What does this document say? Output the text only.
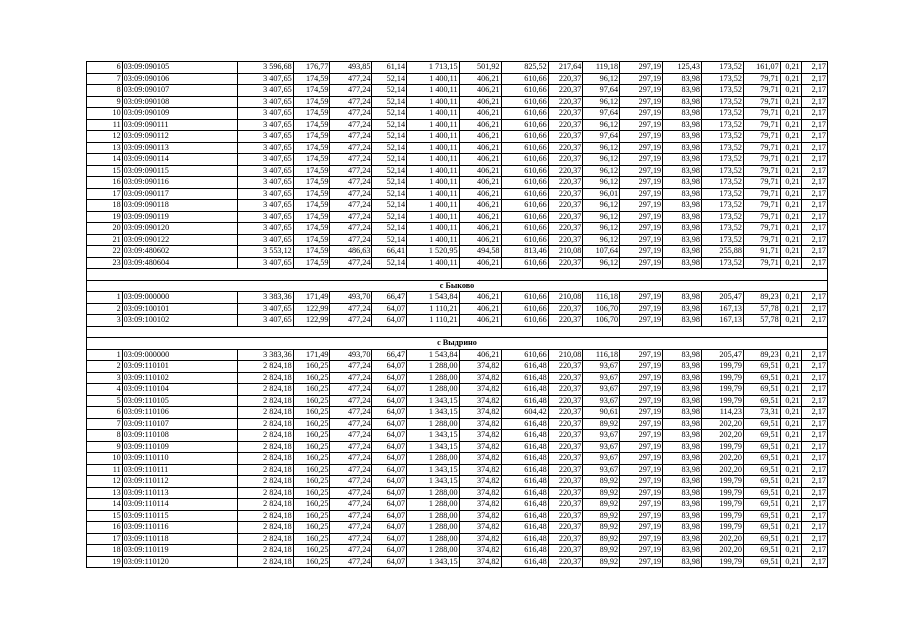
6	03:09:090105	3 596,68	176,77	493,85	61,14	1 713,15	501,92	825,52	217,64	119,18	297,19	125,43	173,52	161,07	0,21	2,17
7	03:09:090106	3 407,65	174,59	477,24	52,14	1 400,11	406,21	610,66	220,37	96,12	297,19	83,98	173,52	79,71	0,21	2,17
8	03:09:090107	3 407,65	174,59	477,24	52,14	1 400,11	406,21	610,66	220,37	97,64	297,19	83,98	173,52	79,71	0,21	2,17
9	03:09:090108	3 407,65	174,59	477,24	52,14	1 400,11	406,21	610,66	220,37	96,12	297,19	83,98	173,52	79,71	0,21	2,17
10	03:09:090109	3 407,65	174,59	477,24	52,14	1 400,11	406,21	610,66	220,37	97,64	297,19	83,98	173,52	79,71	0,21	2,17
11	03:09:090111	3 407,65	174,59	477,24	52,14	1 400,11	406,21	610,66	220,37	96,12	297,19	83,98	173,52	79,71	0,21	2,17
12	03:09:090112	3 407,65	174,59	477,24	52,14	1 400,11	406,21	610,66	220,37	97,64	297,19	83,98	173,52	79,71	0,21	2,17
13	03:09:090113	3 407,65	174,59	477,24	52,14	1 400,11	406,21	610,66	220,37	96,12	297,19	83,98	173,52	79,71	0,21	2,17
14	03:09:090114	3 407,65	174,59	477,24	52,14	1 400,11	406,21	610,66	220,37	96,12	297,19	83,98	173,52	79,71	0,21	2,17
15	03:09:090115	3 407,65	174,59	477,24	52,14	1 400,11	406,21	610,66	220,37	96,12	297,19	83,98	173,52	79,71	0,21	2,17
16	03:09:090116	3 407,65	174,59	477,24	52,14	1 400,11	406,21	610,66	220,37	96,12	297,19	83,98	173,52	79,71	0,21	2,17
17	03:09:090117	3 407,65	174,59	477,24	52,14	1 400,11	406,21	610,66	220,37	96,01	297,19	83,98	173,52	79,71	0,21	2,17
18	03:09:090118	3 407,65	174,59	477,24	52,14	1 400,11	406,21	610,66	220,37	96,12	297,19	83,98	173,52	79,71	0,21	2,17
19	03:09:090119	3 407,65	174,59	477,24	52,14	1 400,11	406,21	610,66	220,37	96,12	297,19	83,98	173,52	79,71	0,21	2,17
20	03:09:090120	3 407,65	174,59	477,24	52,14	1 400,11	406,21	610,66	220,37	96,12	297,19	83,98	173,52	79,71	0,21	2,17
21	03:09:090122	3 407,65	174,59	477,24	52,14	1 400,11	406,21	610,66	220,37	96,12	297,19	83,98	173,52	79,71	0,21	2,17
22	03:09:480602	3 553,12	174,59	486,63	66,41	1 520,95	494,58	813,46	210,08	107,64	297,19	83,98	255,88	91,71	0,21	2,17
23	03:09:480604	3 407,65	174,59	477,24	52,14	1 400,11	406,21	610,66	220,37	96,12	297,19	83,98	173,52	79,71	0,21	2,17

с Быково																
1	03:09:000000	3 383,36	171,49	493,70	66,47	1 543,84	406,21	610,66	210,08	116,18	297,19	83,98	205,47	89,23	0,21	2,17
2	03:09:100101	3 407,65	122,99	477,24	64,07	1 110,21	406,21	610,66	220,37	106,70	297,19	83,98	167,13	57,78	0,21	2,17
3	03:09:100102	3 407,65	122,99	477,24	64,07	1 110,21	406,21	610,66	220,37	106,70	297,19	83,98	167,13	57,78	0,21	2,17

с Выдрино																
1	03:09:000000	3 383,36	171,49	493,70	66,47	1 543,84	406,21	610,66	210,08	116,18	297,19	83,98	205,47	89,23	0,21	2,17
2	03:09:110101	2 824,18	160,25	477,24	64,07	1 288,00	374,82	616,48	220,37	93,67	297,19	83,98	199,79	69,51	0,21	2,17
3	03:09:110102	2 824,18	160,25	477,24	64,07	1 288,00	374,82	616,48	220,37	93,67	297,19	83,98	199,79	69,51	0,21	2,17
4	03:09:110104	2 824,18	160,25	477,24	64,07	1 288,00	374,82	616,48	220,37	93,67	297,19	83,98	199,79	69,51	0,21	2,17
5	03:09:110105	2 824,18	160,25	477,24	64,07	1 343,15	374,82	616,48	220,37	93,67	297,19	83,98	199,79	69,51	0,21	2,17
6	03:09:110106	2 824,18	160,25	477,24	64,07	1 343,15	374,82	604,42	220,37	90,61	297,19	83,98	114,23	73,31	0,21	2,17
7	03:09:110107	2 824,18	160,25	477,24	64,07	1 288,00	374,82	616,48	220,37	89,92	297,19	83,98	202,20	69,51	0,21	2,17
8	03:09:110108	2 824,18	160,25	477,24	64,07	1 343,15	374,82	616,48	220,37	93,67	297,19	83,98	202,20	69,51	0,21	2,17
9	03:09:110109	2 824,18	160,25	477,24	64,07	1 343,15	374,82	616,48	220,37	93,67	297,19	83,98	199,79	69,51	0,21	2,17
10	03:09:110110	2 824,18	160,25	477,24	64,07	1 288,00	374,82	616,48	220,37	93,67	297,19	83,98	202,20	69,51	0,21	2,17
11	03:09:110111	2 824,18	160,25	477,24	64,07	1 343,15	374,82	616,48	220,37	93,67	297,19	83,98	202,20	69,51	0,21	2,17
12	03:09:110112	2 824,18	160,25	477,24	64,07	1 343,15	374,82	616,48	220,37	89,92	297,19	83,98	199,79	69,51	0,21	2,17
13	03:09:110113	2 824,18	160,25	477,24	64,07	1 288,00	374,82	616,48	220,37	89,92	297,19	83,98	199,79	69,51	0,21	2,17
14	03:09:110114	2 824,18	160,25	477,24	64,07	1 288,00	374,82	616,48	220,37	89,92	297,19	83,98	199,79	69,51	0,21	2,17
15	03:09:110115	2 824,18	160,25	477,24	64,07	1 288,00	374,82	616,48	220,37	89,92	297,19	83,98	199,79	69,51	0,21	2,17
16	03:09:110116	2 824,18	160,25	477,24	64,07	1 288,00	374,82	616,48	220,37	89,92	297,19	83,98	199,79	69,51	0,21	2,17
17	03:09:110118	2 824,18	160,25	477,24	64,07	1 288,00	374,82	616,48	220,37	89,92	297,19	83,98	202,20	69,51	0,21	2,17
18	03:09:110119	2 824,18	160,25	477,24	64,07	1 288,00	374,82	616,48	220,37	89,92	297,19	83,98	202,20	69,51	0,21	2,17
19	03:09:110120	2 824,18	160,25	477,24	64,07	1 343,15	374,82	616,48	220,37	89,92	297,19	83,98	199,79	69,51	0,21	2,17
